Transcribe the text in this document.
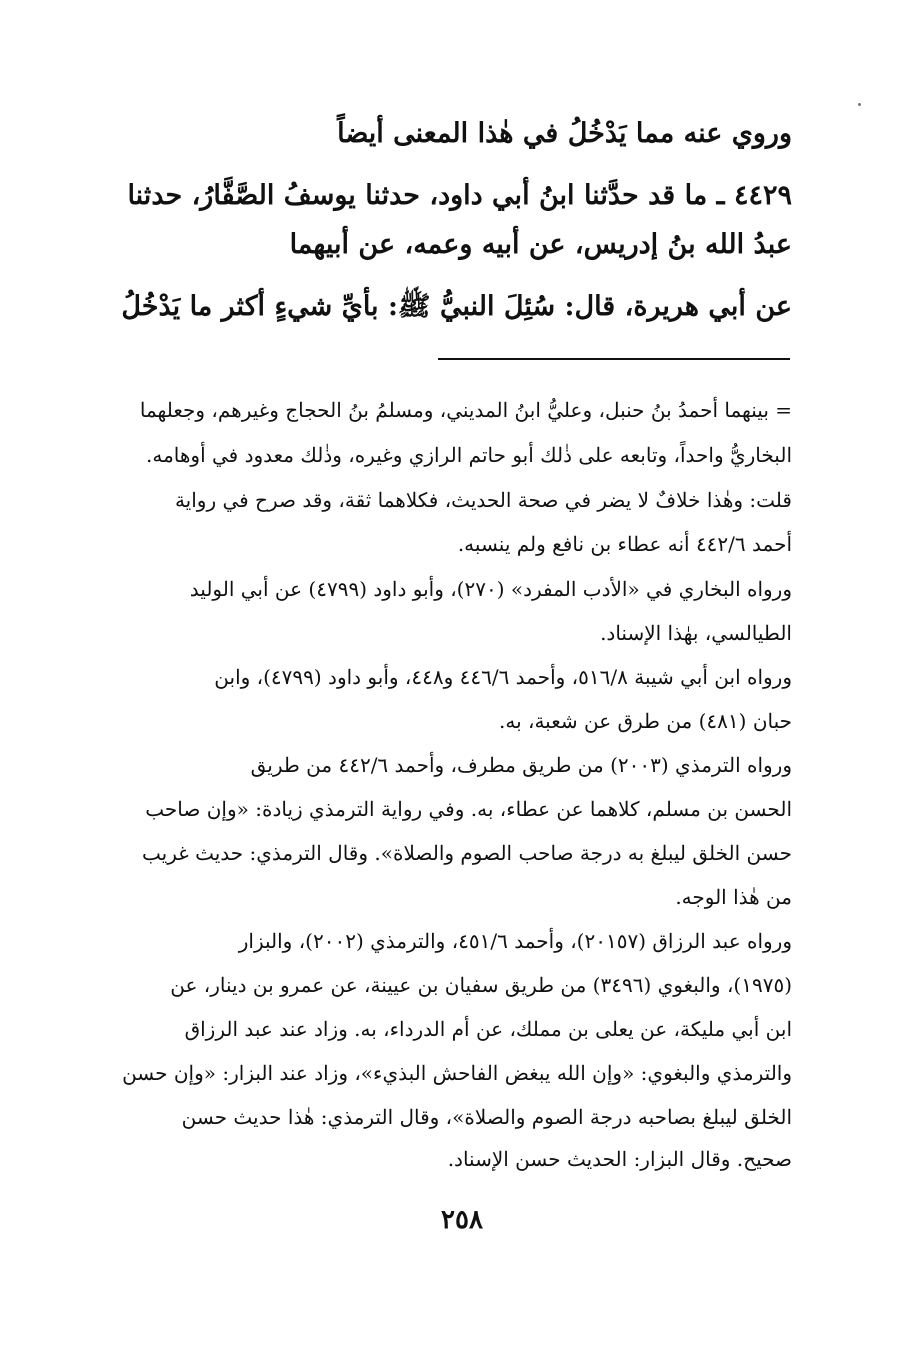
وروي عنه مما يَدْخُلُ في هٰذا المعنى أيضاً
٤٤٢٩ ـ ما قد حدَّثنا ابنُ أبي داود، حدثنا يوسفُ الصَّفَّارُ، حدثنا
عبدُ الله بنُ إدريس، عن أبيه وعمه، عن أبيهما
عن أبي هريرة، قال: سُئِلَ النبيُّ ﷺ: بأيِّ شيءٍ أكثر ما يَدْخُلُ
= بينهما أحمدُ بنُ حنبل، وعليُّ ابنُ المديني، ومسلمُ بنُ الحجاج وغيرهم، وجعلهما
البخاريُّ واحداً، وتابعه على ذٰلك أبو حاتم الرازي وغيره، وذٰلك معدود في أوهامه.
قلت: وهٰذا خلافٌ لا يضر في صحة الحديث، فكلاهما ثقة، وقد صرح في رواية
أحمد ٤٤٢/٦ أنه عطاء بن نافع ولم ينسبه.
ورواه البخاري في «الأدب المفرد» (٢٧٠)، وأبو داود (٤٧٩٩) عن أبي الوليد
الطيالسي، بهٰذا الإسناد.
ورواه ابن أبي شيبة ٥١٦/٨، وأحمد ٤٤٦/٦ و٤٤٨، وأبو داود (٤٧٩٩)، وابن
حبان (٤٨١) من طرق عن شعبة، به.
ورواه الترمذي (٢٠٠٣) من طريق مطرف، وأحمد ٤٤٢/٦ من طريق
الحسن بن مسلم، كلاهما عن عطاء، به. وفي رواية الترمذي زيادة: «وإن صاحب
حسن الخلق ليبلغ به درجة صاحب الصوم والصلاة». وقال الترمذي: حديث غريب
من هٰذا الوجه.
ورواه عبد الرزاق (٢٠١٥٧)، وأحمد ٤٥١/٦، والترمذي (٢٠٠٢)، والبزار
(١٩٧٥)، والبغوي (٣٤٩٦) من طريق سفيان بن عيينة، عن عمرو بن دينار، عن
ابن أبي مليكة، عن يعلى بن مملك، عن أم الدرداء، به. وزاد عند عبد الرزاق
والترمذي والبغوي: «وإن الله يبغض الفاحش البذيء»، وزاد عند البزار: «وإن حسن
الخلق ليبلغ بصاحبه درجة الصوم والصلاة»، وقال الترمذي: هٰذا حديث حسن
صحيح. وقال البزار: الحديث حسن الإسناد.
٢٥٨
